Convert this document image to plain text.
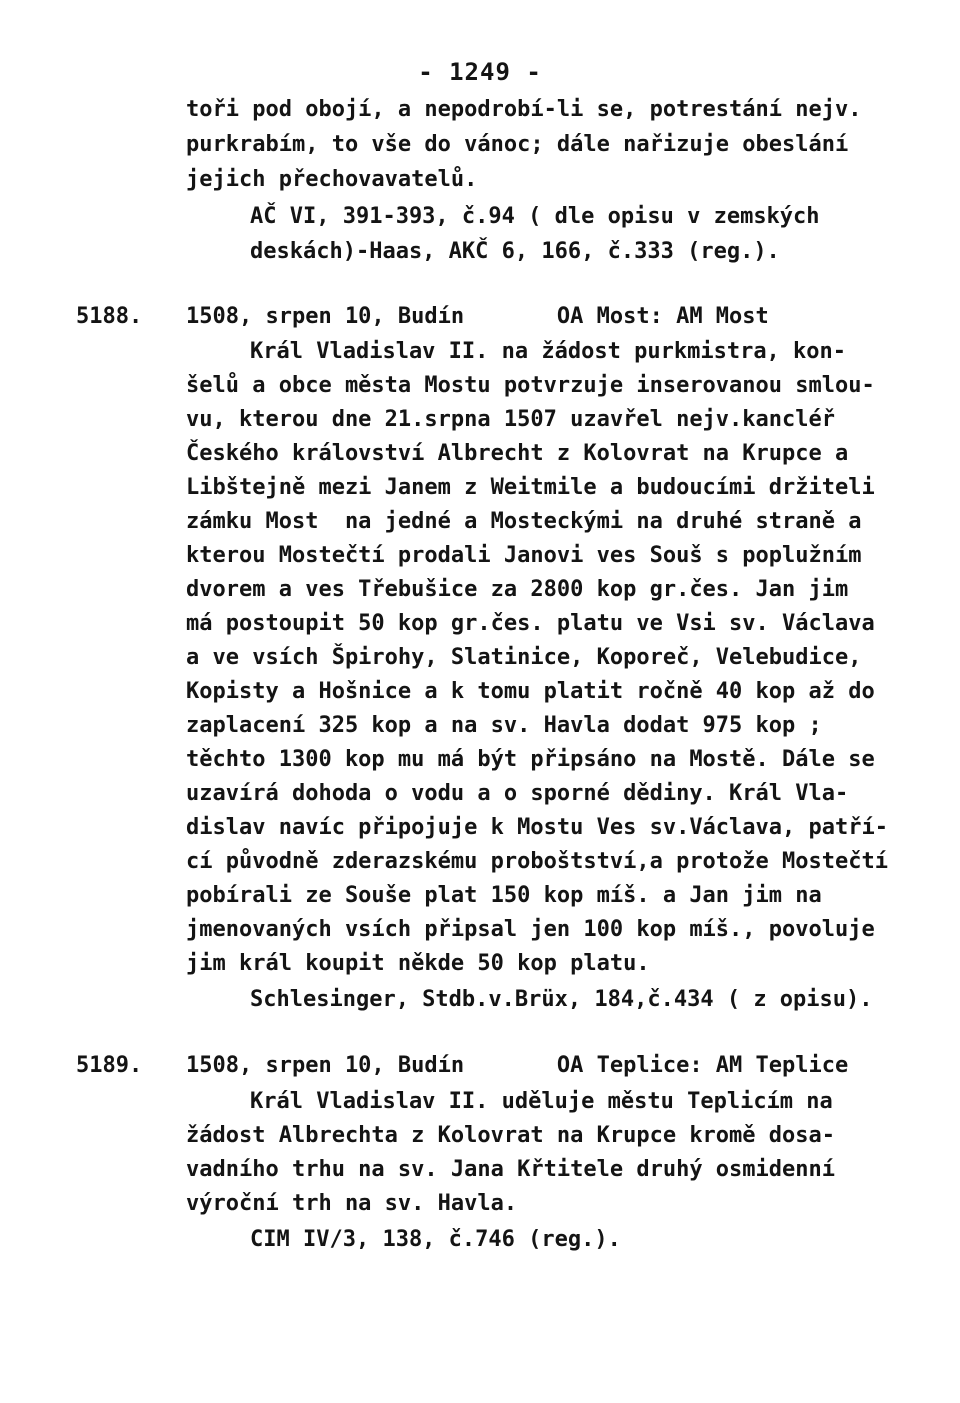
- 1249 -
toři pod obojí, a nepodrobí-li se, potrestání nejv.
purkrabím, to vše do vánoc; dále nařizuje obeslání
jejich přechovavatelů.
AČ VI, 391-393, č.94 ( dle opisu v zemských
deskách)-Haas, AKČ 6, 166, č.333 (reg.).
5188. 1508, srpen 10, Budín       OA Most: AM Most
Král Vladislav II. na žádost purkmistra, kon-
šelů a obce města Mostu potvrzuje inserovanou smlou-
vu, kterou dne 21.srpna 1507 uzavřel nejv.kancléř
Českého království Albrecht z Kolovrat na Krupce a
Libštejně mezi Janem z Weitmile a budoucími držiteli
zámku Most  na jedné a Mosteckými na druhé straně a
kterou Mostečtí prodali Janovi ves Souš s poplužním
dvorem a ves Třebušice za 2800 kop gr.čes. Jan jim
má postoupit 50 kop gr.čes. platu ve Vsi sv. Václava
a ve vsích Špirohy, Slatinice, Koporeč, Velebudice,
Kopisty a Hošnice a k tomu platit ročně 40 kop až do
zaplacení 325 kop a na sv. Havla dodat 975 kop ;
těchto 1300 kop mu má být připsáno na Mostě. Dále se
uzavírá dohoda o vodu a o sporné dědiny. Král Vla-
dislav navíc připojuje k Mostu Ves sv.Václava, patří-
cí původně zderazskému proboštství,a protože Mostečtí
pobírali ze Souše plat 150 kop míš. a Jan jim na
jmenovaných vsích připsal jen 100 kop míš., povoluje
jim král koupit někde 50 kop platu.
Schlesinger, Stdb.v.Brüx, 184,č.434 ( z opisu).
5189. 1508, srpen 10, Budín       OA Teplice: AM Teplice
Král Vladislav II. uděluje městu Teplicím na
žádost Albrechta z Kolovrat na Krupce kromě dosa-
vadního trhu na sv. Jana Křtitele druhý osmidenní
výroční trh na sv. Havla.
CIM IV/3, 138, č.746 (reg.).
